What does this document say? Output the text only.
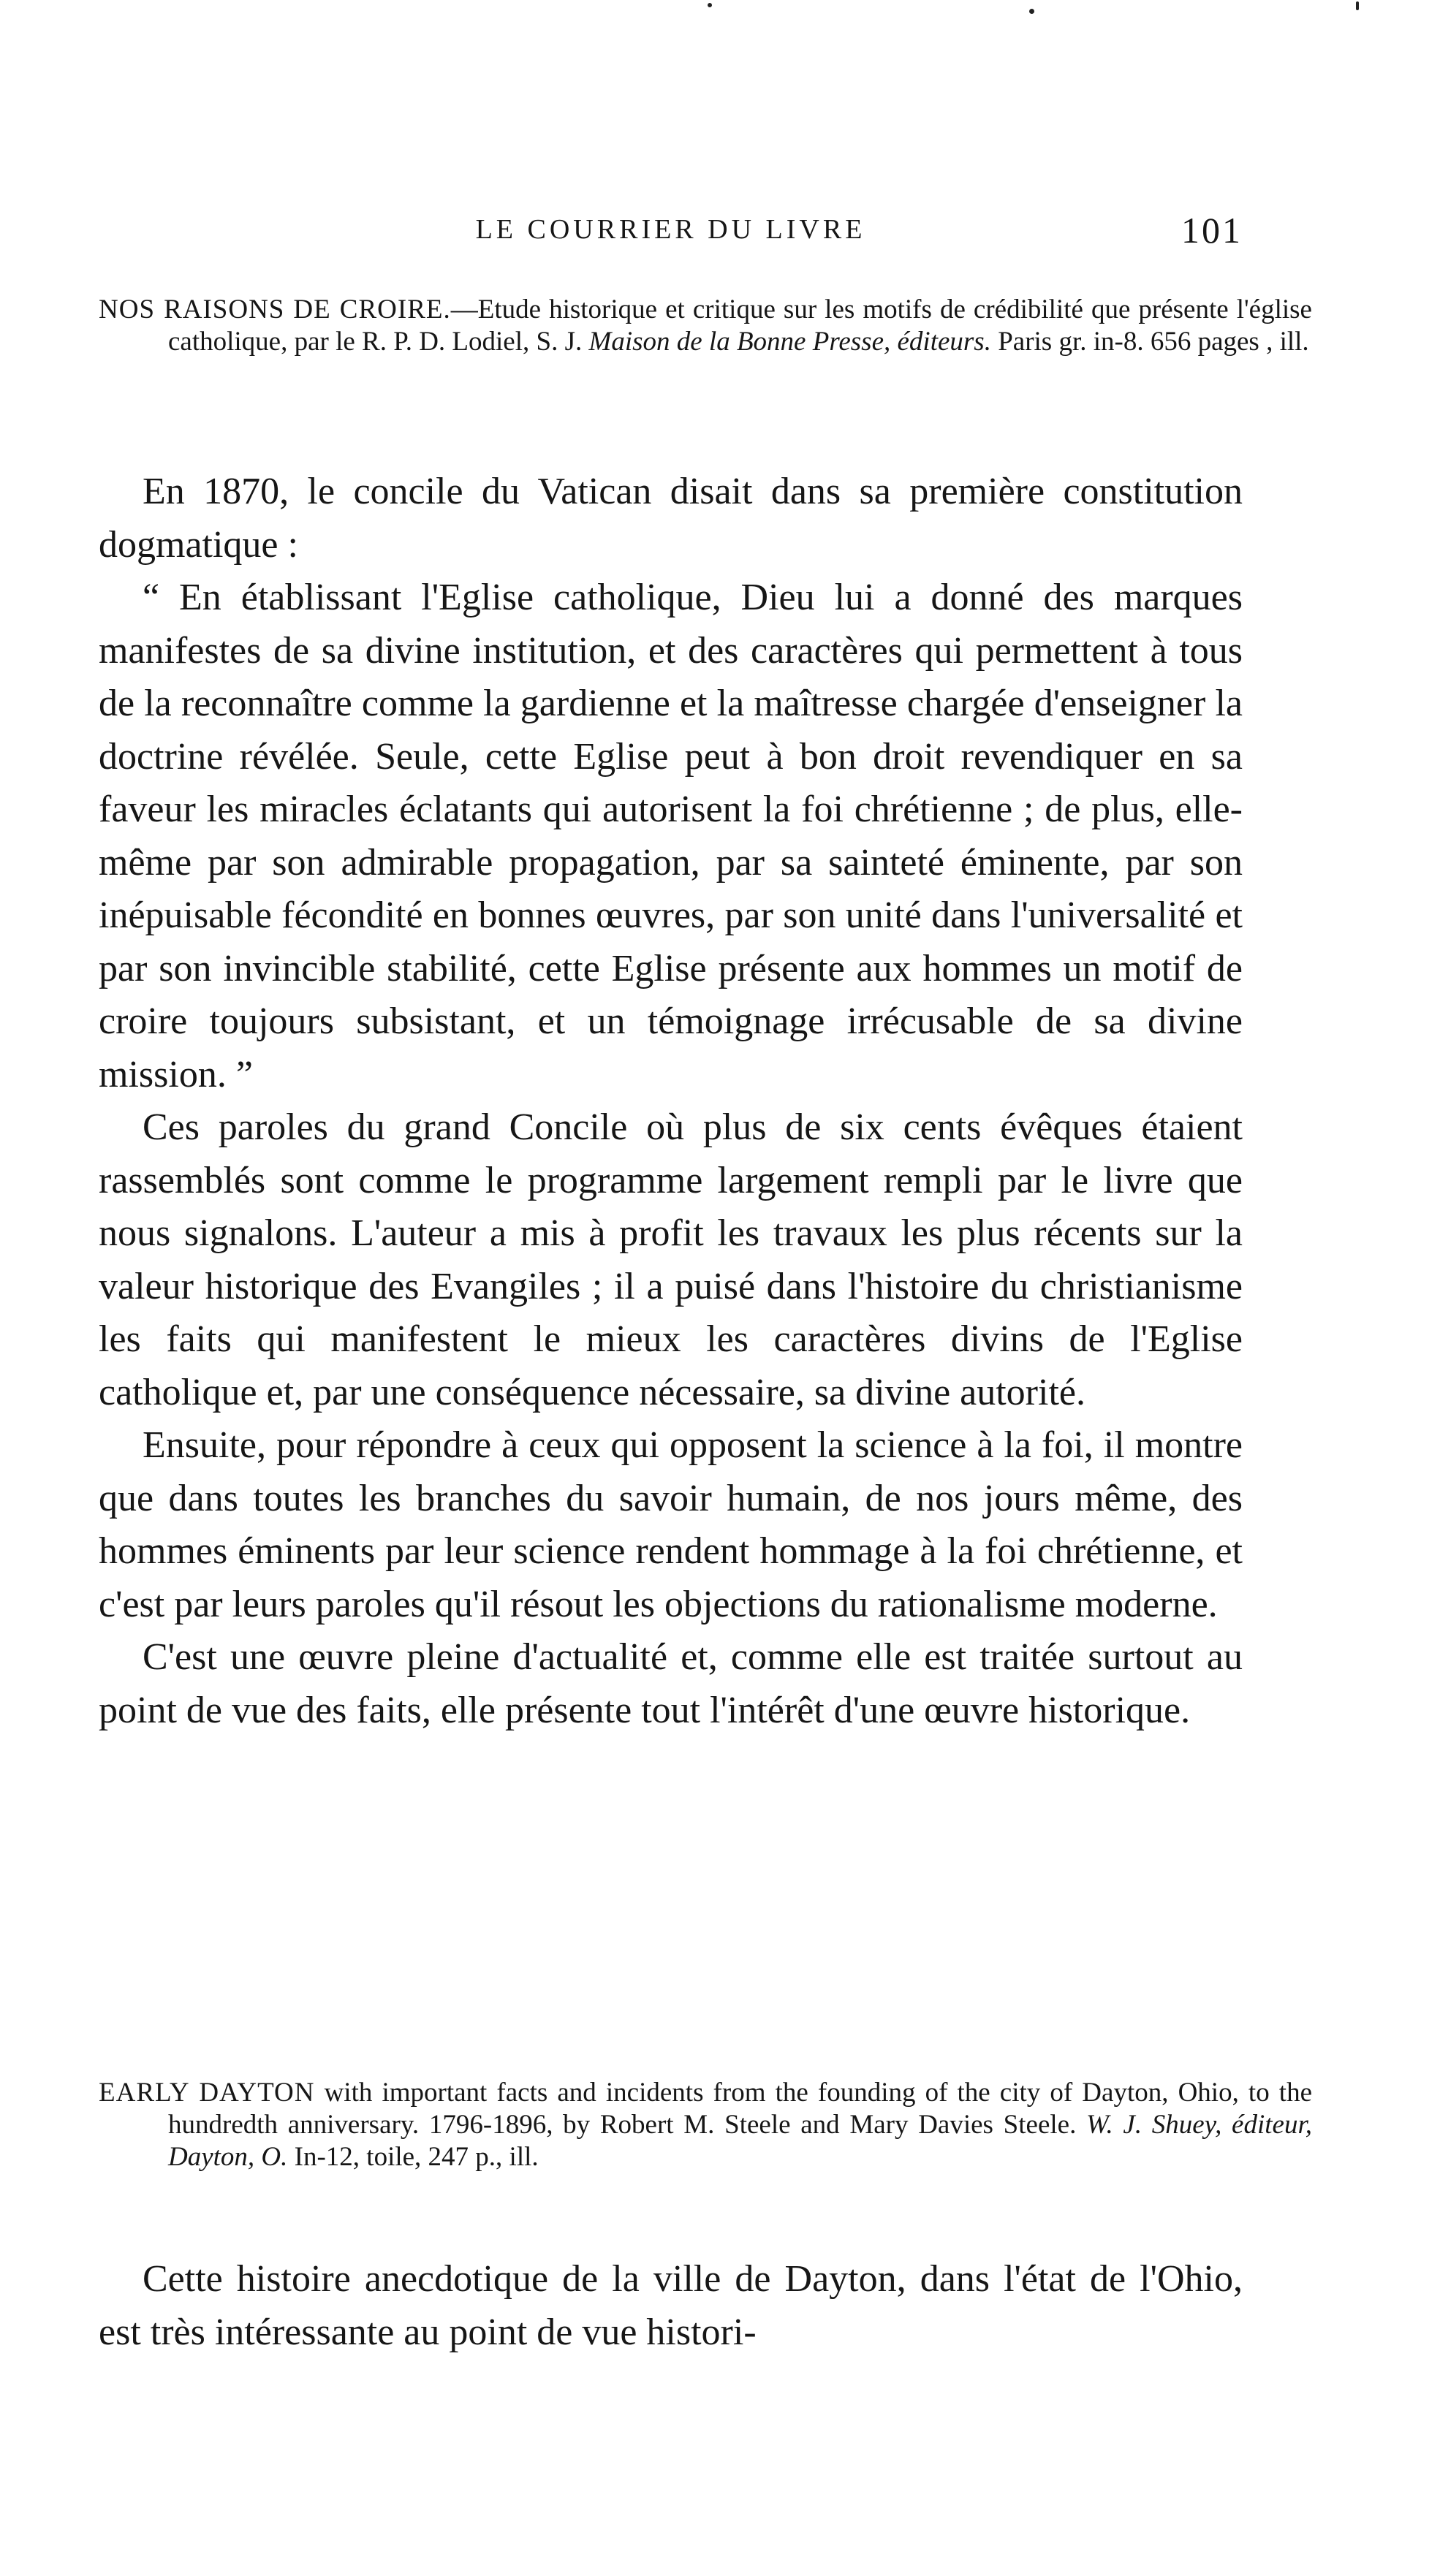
LE COURRIER DU LIVRE	101

NOS RAISONS DE CROIRE.—Etude historique et critique sur les motifs de crédibilité que présente l'église catholique, par le R. P. D. Lodiel, S. J. Maison de la Bonne Presse, éditeurs. Paris gr. in-8. 656 pages , ill.

En 1870, le concile du Vatican disait dans sa première constitution dogmatique :

“ En établissant l'Eglise catholique, Dieu lui a donné des marques manifestes de sa divine institution, et des caractères qui permettent à tous de la reconnaître comme la gardienne et la maîtresse chargée d'enseigner la doctrine révélée. Seule, cette Eglise peut à bon droit revendiquer en sa faveur les miracles éclatants qui autorisent la foi chrétienne ; de plus, elle-même par son admirable propagation, par sa sainteté éminente, par son inépuisable fécondité en bonnes œuvres, par son unité dans l'universalité et par son invincible stabilité, cette Eglise présente aux hommes un motif de croire toujours subsistant, et un témoignage irrécusable de sa divine mission. ”

Ces paroles du grand Concile où plus de six cents évêques étaient rassemblés sont comme le programme largement rempli par le livre que nous signalons. L'auteur a mis à profit les travaux les plus récents sur la valeur historique des Evangiles ; il a puisé dans l'histoire du christianisme les faits qui manifestent le mieux les caractères divins de l'Eglise catholique et, par une conséquence nécessaire, sa divine autorité.

Ensuite, pour répondre à ceux qui opposent la science à la foi, il montre que dans toutes les branches du savoir humain, de nos jours même, des hommes éminents par leur science rendent hommage à la foi chrétienne, et c'est par leurs paroles qu'il résout les objections du rationalisme moderne.

C'est une œuvre pleine d'actualité et, comme elle est traitée surtout au point de vue des faits, elle présente tout l'intérêt d'une œuvre historique.

EARLY DAYTON with important facts and incidents from the founding of the city of Dayton, Ohio, to the hundredth anniversary. 1796-1896, by Robert M. Steele and Mary Davies Steele. W. J. Shuey, éditeur, Dayton, O. In-12, toile, 247 p., ill.

Cette histoire anecdotique de la ville de Dayton, dans l'état de l'Ohio, est très intéressante au point de vue histori-
